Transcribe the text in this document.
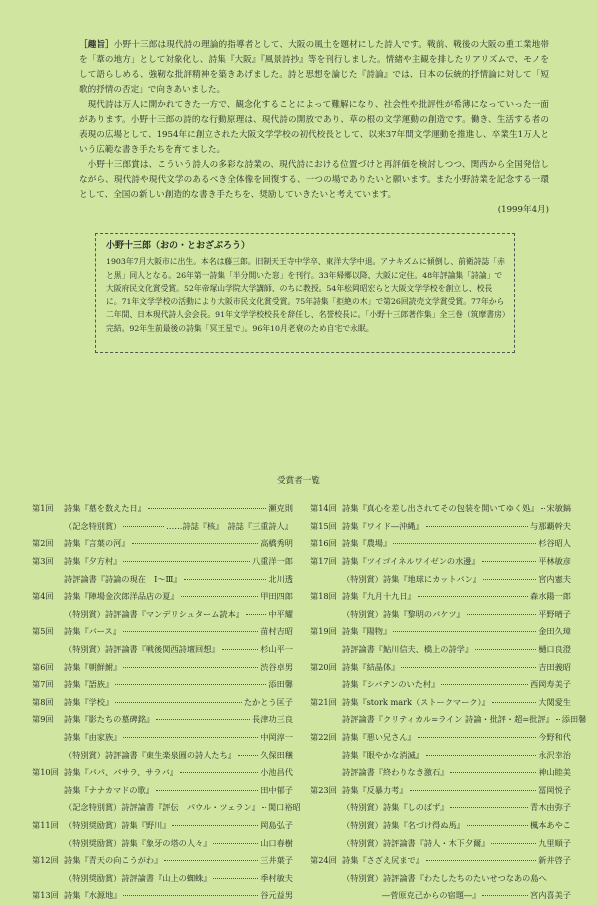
［趣旨］小野十三郎は現代詩の理論的指導者として、大阪の風土を題材にした詩人です。戦前、戦後の大阪の重工業地帯を「葦の地方」として対象化し、詩集『大阪』『風景詩抄』等を刊行しました。情緒や主観を排したリアリズムで、モノをして語らしめる、強靭な批評精神を築きあげました。詩と思想を論じた『詩論』では、日本の伝統的抒情論に対して「短歌的抒情の否定」で向きあいました。

現代詩は万人に開かれてきた一方で、観念化することによって難解になり、社会性や批評性が希薄になっていった一面があります。小野十三郎の詩的な行動原理は、現代詩の開放であり、草の根の文学運動の創造です。働き、生活する者の表現の広場として、1954年に創立された大阪文学学校の初代校長として、以来37年間文学運動を推進し、卒業生1万人という広範な書き手たちを育てました。

小野十三郎賞は、こういう詩人の多彩な詩業の、現代詩における位置づけと再評価を検討しつつ、関西から全国発信しながら、現代詩や現代文学のあるべき全体像を回復する、一つの場でありたいと願います。また小野詩業を記念する一環として、全国の新しい創造的な書き手たちを、奨励していきたいと考えています。

(1999年4月)

小野十三郎（おの・とおざぶろう）
1903年7月大阪市に出生。本名は藤三郎。旧制天王寺中学卒、東洋大学中退。アナキズムに傾倒し、前衛詩誌「赤と黒」同人となる。26年第一詩集「半分開いた窓」を刊行。33年帰郷以降、大阪に定住。48年評論集「詩論」で大阪府民文化賞受賞。52年帝塚山学院大学講師、のちに教授。54年松岡昭宏らと大阪文学学校を創立し、校長に。71年文学学校の活動により大阪市民文化賞受賞。75年詩集「拒絶の木」で第26回読売文学賞受賞。77年から二年間、日本現代詩人会会長。91年文学学校校長を辞任し、名誉校長に。「小野十三郎著作集」全三巻（筑摩書房）完結。92年生前最後の詩集「冥王星で」。96年10月老衰のため自宅で永眠。
受賞者一覧
第1回	詩集『墓を数えた日』	瀬克則
（記念特別賞）	……詩誌『核』　詩誌『三重詩人』
第2回	詩集『言葉の河』	高橋秀明
第3回	詩集『夕方村』	八重洋一郎
詩評論書『詩論の現在　Ⅰ〜Ⅲ』	北川透
第4回	詩集『陣場金次郎洋品店の夏』	甲田四郎
（特別賞）詩評論書『マンデリシュターム読本』	中平耀
第5回	詩集『バース』	苗村吉昭
（特別賞）詩評論書『戦後関西詩壇回想』	杉山平一
第6回	詩集『朝鮮鮒』	渋谷卓男
第7回	詩集『語族』	添田馨
第8回	詩集『学校』	たかとう匡子
第9回	詩集『影たちの墓碑銘』	長津功三良
詩集『由家族』	中岡淳一
（特別賞）詩評論書『東生楽泉圓の詩人たち』	久保田穣
第10回 詩集『パパ、パサラ、サラバ』	小池昌代
詩集『ナナカマドの歌』	田中郁子
（記念特別賞）詩評論書『評伝　パウル・ツェラン』 関口裕昭
第11回 （特別奨励賞）詩集『野川』	岡島弘子
（特別奨励賞）詩集『象牙の塔の人々』	山口春樹
第12回 詩集『青天の向こうがわ』	三井葉子
（特別奨励賞）詩評論書『山上の蜘蛛』	季村敏夫
第13回 詩集『水源地』	谷元益男
第14回 詩集『真心を差し出されてその包装を開いてゆく処』 宋敏鎬
第15回 詩集『ワイド―沖縄』	与那覇幹夫
第16回 詩集『農場』	杉谷昭人
第17回 詩集『ツイゴイネルワイゼンの水邊』	平林敏彦
（特別賞）詩集『地球にカットバン』	宮内憲夫
第18回 詩集『九月十九日』	森水陽一郎
（特別賞）詩集『黎明のバケツ』	平野晴子
第19回 詩集『陽物』	金田久璋
詩評論書『鮎川信夫、橋上の詩学』	樋口良澄
第20回 詩集『結晶体』	吉田義昭
詩集『シバテンのいた村』	西岡寿美子
第21回 詩集『stork mark（ストークマーク）』	大関愛生
詩評論書『クリティカル=ライン 詩論・批評・超=批評』 添田馨
第22回 詩集『悪い兄さん』	今野和代
詩集『眼やかな消滅』	永沢幸治
詩評論書『終わりなき激石』	神山睦美
第23回 詩集『反暴力考』	冨岡悦子
（特別賞）詩集『しのばず』	青木由弥子
（特別賞）詩集『名づけ得ぬ馬』	楓本あやこ
（特別賞）詩評論書『詩人・木下夕爾』	九里順子
第24回 詩集『さざえ尻まで』	新井啓子
（特別賞）詩評論書『わたしたちのたいせつなあの島へ
―菅原克己からの宿題―』	宮内喜美子
